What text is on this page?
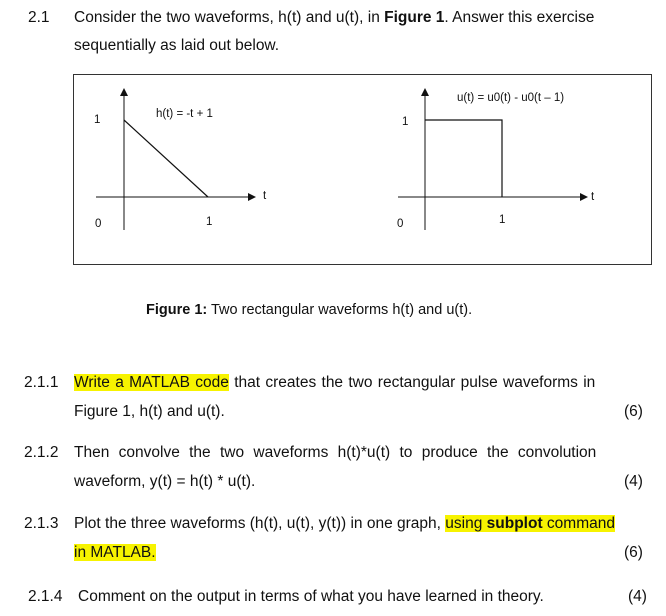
2.1 Consider the two waveforms, h(t) and u(t), in Figure 1. Answer this exercise
sequentially as laid out below.
h(t) = -t + 1
1
0	1
t
u(t) = u0(t) - u0(t – 1)
1
0	1
t
Figure 1: Two rectangular waveforms h(t) and u(t).
2.1.1 Write a MATLAB code that creates the two rectangular pulse waveforms in
Figure 1, h(t) and u(t).	(6)
2.1.2 Then convolve the two waveforms h(t)*u(t) to produce the convolution
waveform, y(t) = h(t) * u(t).	(4)
2.1.3 Plot the three waveforms (h(t), u(t), y(t)) in one graph, using subplot command
in MATLAB.	(6)
2.1.4 Comment on the output in terms of what you have learned in theory.	(4)
